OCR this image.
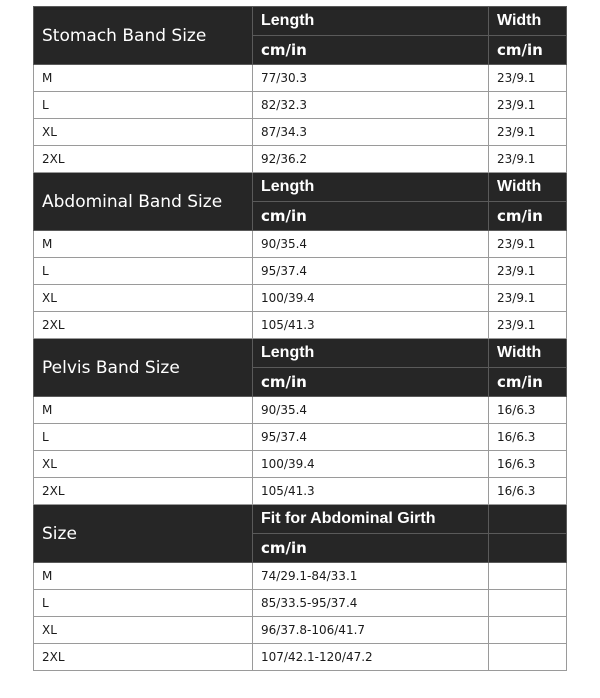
Stomach Band Size	Length	Width
	cm/in	cm/in
M	77/30.3	23/9.1
L	82/32.3	23/9.1
XL	87/34.3	23/9.1
2XL	92/36.2	23/9.1
Abdominal Band Size	Length	Width
	cm/in	cm/in
M	90/35.4	23/9.1
L	95/37.4	23/9.1
XL	100/39.4	23/9.1
2XL	105/41.3	23/9.1
Pelvis Band Size	Length	Width
	cm/in	cm/in
M	90/35.4	16/6.3
L	95/37.4	16/6.3
XL	100/39.4	16/6.3
2XL	105/41.3	16/6.3
Size	Fit for Abdominal Girth	
	cm/in	
M	74/29.1-84/33.1	
L	85/33.5-95/37.4	
XL	96/37.8-106/41.7	
2XL	107/42.1-120/47.2	
